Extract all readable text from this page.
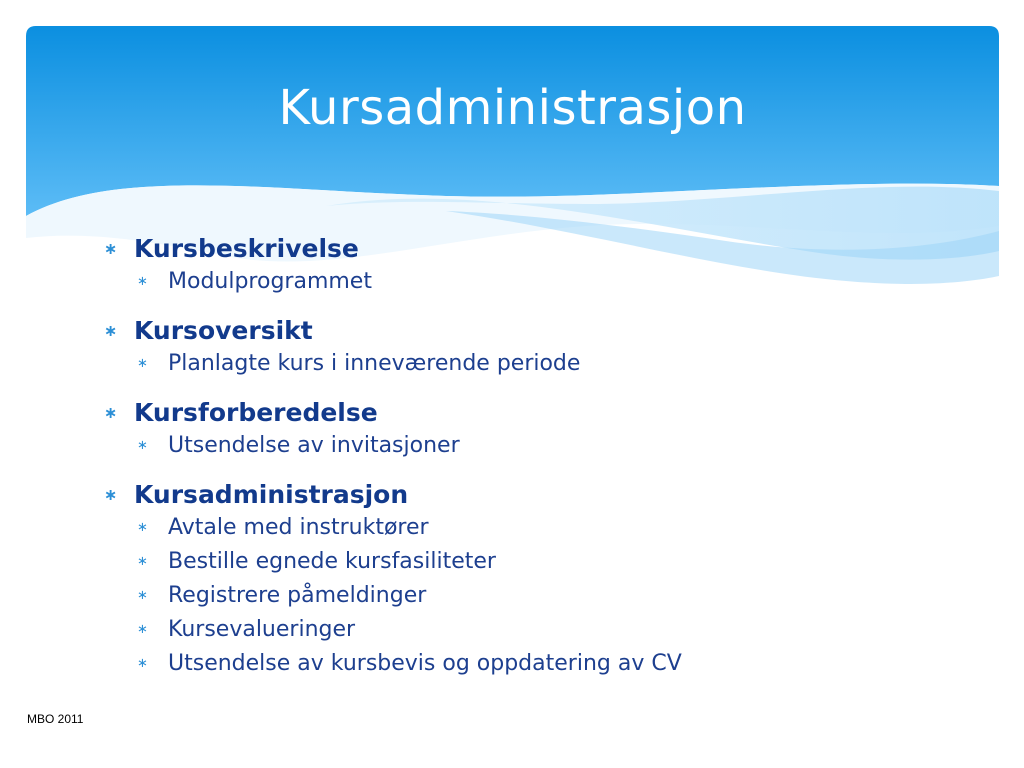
Kursadministrasjon
∗ Kursbeskrivelse
∗ Modulprogrammet
∗ Kursoversikt
∗ Planlagte kurs i inneværende periode
∗ Kursforberedelse
∗ Utsendelse av invitasjoner
∗ Kursadministrasjon
∗ Avtale med instruktører
∗ Bestille egnede kursfasiliteter
∗ Registrere påmeldinger
∗ Kursevalueringer
∗ Utsendelse av kursbevis og oppdatering av CV
MBO 2011
